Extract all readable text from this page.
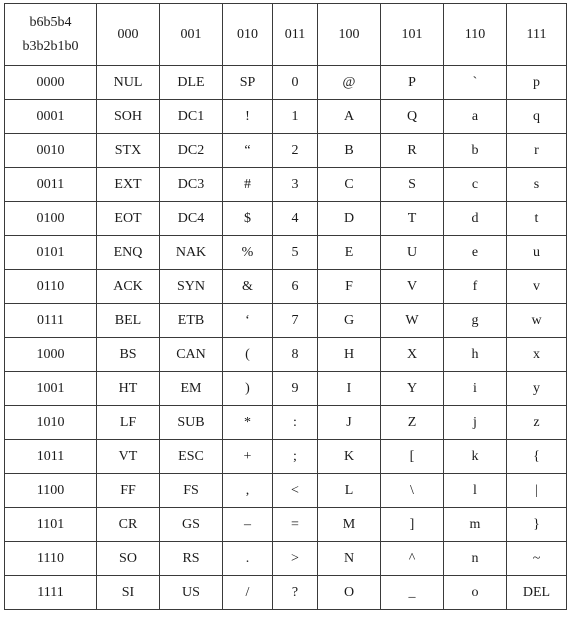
b6b5b4
b3b2b1b0	000	001	010	011	100	101	110	111
0000	NUL	DLE	SP	0	@	P	`	p
0001	SOH	DC1	!	1	A	Q	a	q
0010	STX	DC2	“	2	B	R	b	r
0011	EXT	DC3	#	3	C	S	c	s
0100	EOT	DC4	$	4	D	T	d	t
0101	ENQ	NAK	%	5	E	U	e	u
0110	ACK	SYN	&	6	F	V	f	v
0111	BEL	ETB	‘	7	G	W	g	w
1000	BS	CAN	(	8	H	X	h	x
1001	HT	EM	)	9	I	Y	i	y
1010	LF	SUB	*	:	J	Z	j	z
1011	VT	ESC	+	;	K	[	k	{
1100	FF	FS	,	<	L	\	l	|
1101	CR	GS	–	=	M	]	m	}
1110	SO	RS	.	>	N	^	n	~
1111	SI	US	/	?	O	_	o	DEL
